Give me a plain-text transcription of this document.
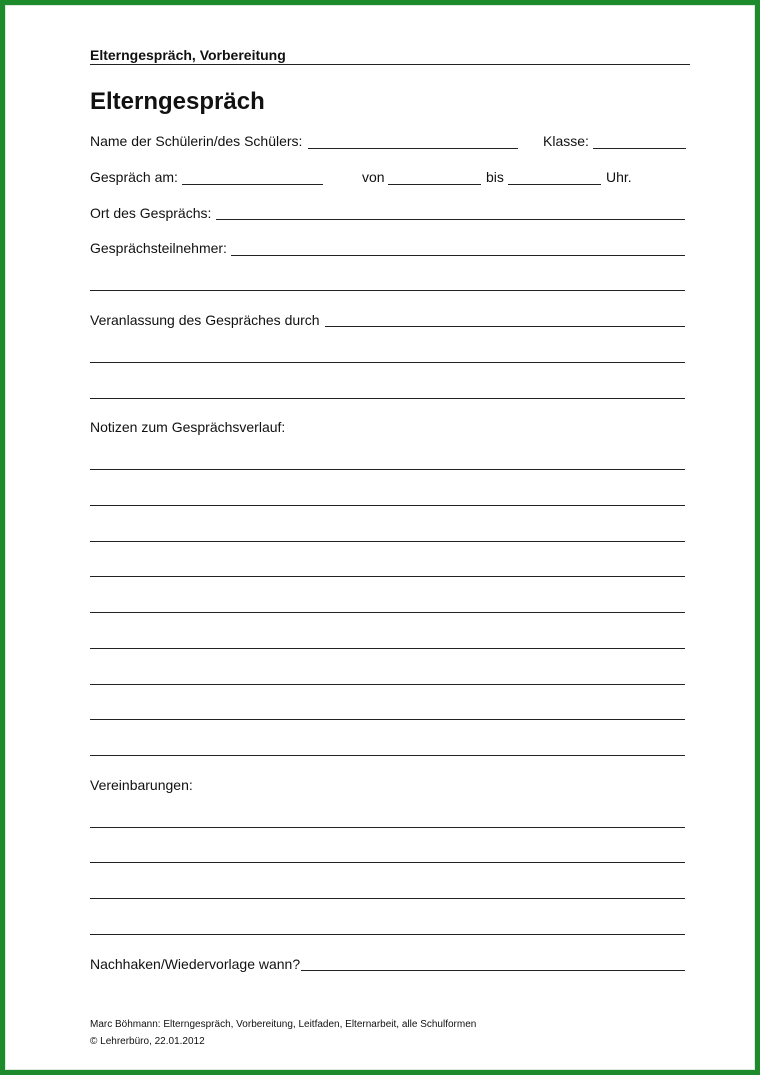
Elterngespräch, Vorbereitung
Elterngespräch
Name der Schülerin/des Schülers:	Klasse:
Gespräch am:	von	bis	Uhr.
Ort des Gesprächs:
Gesprächsteilnehmer:
Veranlassung des Gespräches durch
Notizen zum Gesprächsverlauf:
Vereinbarungen:
Nachhaken/Wiedervorlage wann?
Marc Böhmann: Elterngespräch, Vorbereitung, Leitfaden, Elternarbeit, alle Schulformen
© Lehrerbüro, 22.01.2012
